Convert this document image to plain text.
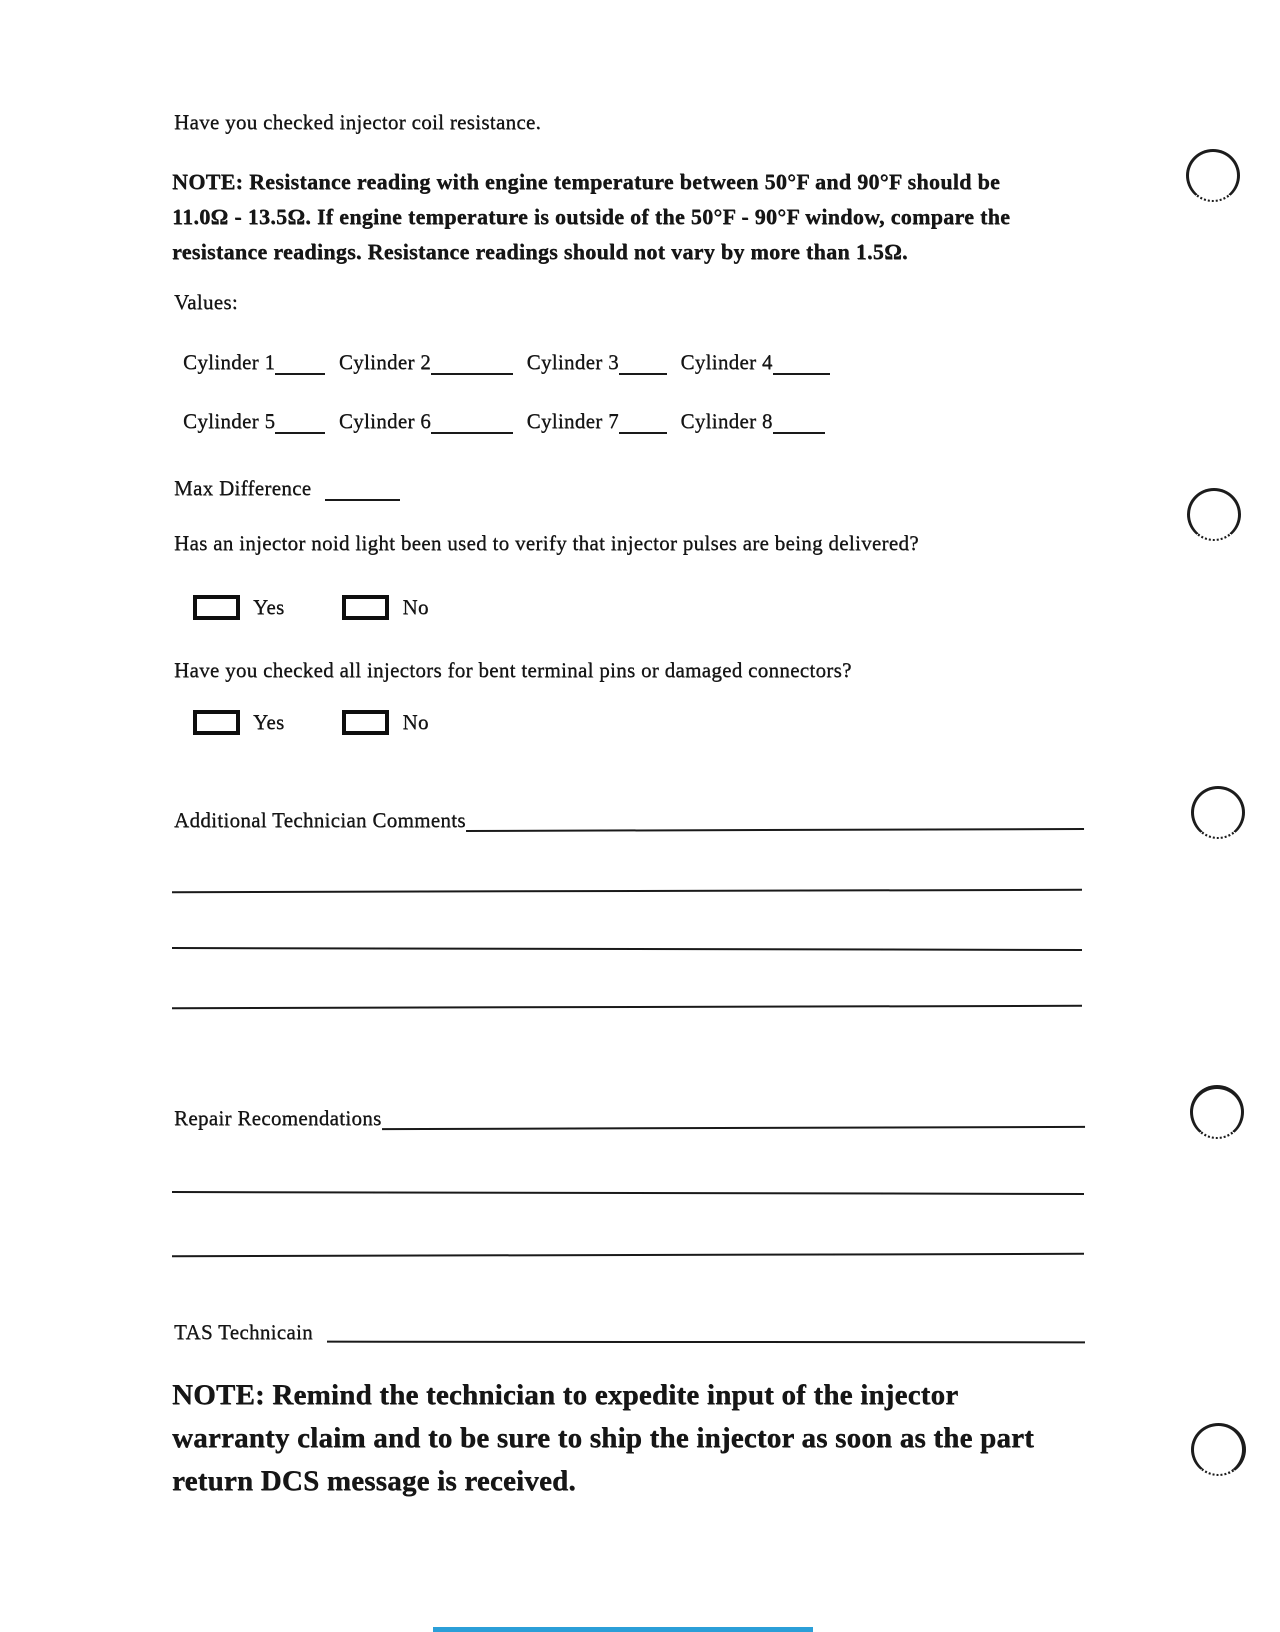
Have you checked injector coil resistance.
NOTE: Resistance reading with engine temperature between 50°F and 90°F should be
11.0Ω - 13.5Ω. If engine temperature is outside of the 50°F - 90°F window, compare the
resistance readings. Resistance readings should not vary by more than 1.5Ω.
Values:
Cylinder 1	Cylinder 2	Cylinder 3	Cylinder 4
Cylinder 5	Cylinder 6	Cylinder 7	Cylinder 8
Max Difference
Has an injector noid light been used to verify that injector pulses are being delivered?
Yes	No
Have you checked all injectors for bent terminal pins or damaged connectors?
Yes	No
Additional Technician Comments
Repair Recomendations
TAS Technicain
NOTE: Remind the technician to expedite input of the injector
warranty claim and to be sure to ship the injector as soon as the part
return DCS message is received.
